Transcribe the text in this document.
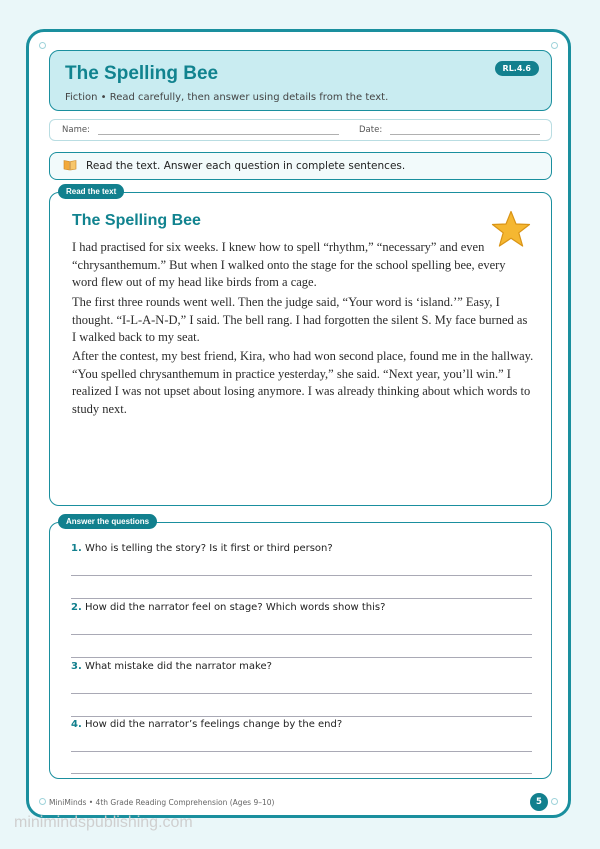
The Spelling Bee
Fiction • Read carefully, then answer using details from the text.
RL.4.6
Name:	Date:
Read the text. Answer each question in complete sentences.
Read the text
The Spelling Bee
I had practised for six weeks. I knew how to spell “rhythm,” “necessary” and even “chrysanthemum.” But when I walked onto the stage for the school spelling bee, every word flew out of my head like birds from a cage.
The first three rounds went well. Then the judge said, “Your word is ‘island.’” Easy, I thought. “I-L-A-N-D,” I said. The bell rang. I had forgotten the silent S. My face burned as I walked back to my seat.
After the contest, my best friend, Kira, who had won second place, found me in the hallway. “You spelled chrysanthemum in practice yesterday,” she said. “Next year, you’ll win.” I realized I was not upset about losing anymore. I was already thinking about which words to study next.
Answer the questions
1. Who is telling the story? Is it first or third person?
2. How did the narrator feel on stage? Which words show this?
3. What mistake did the narrator make?
4. How did the narrator’s feelings change by the end?
MiniMinds • 4th Grade Reading Comprehension (Ages 9–10)	5
minimindspublishing.com
